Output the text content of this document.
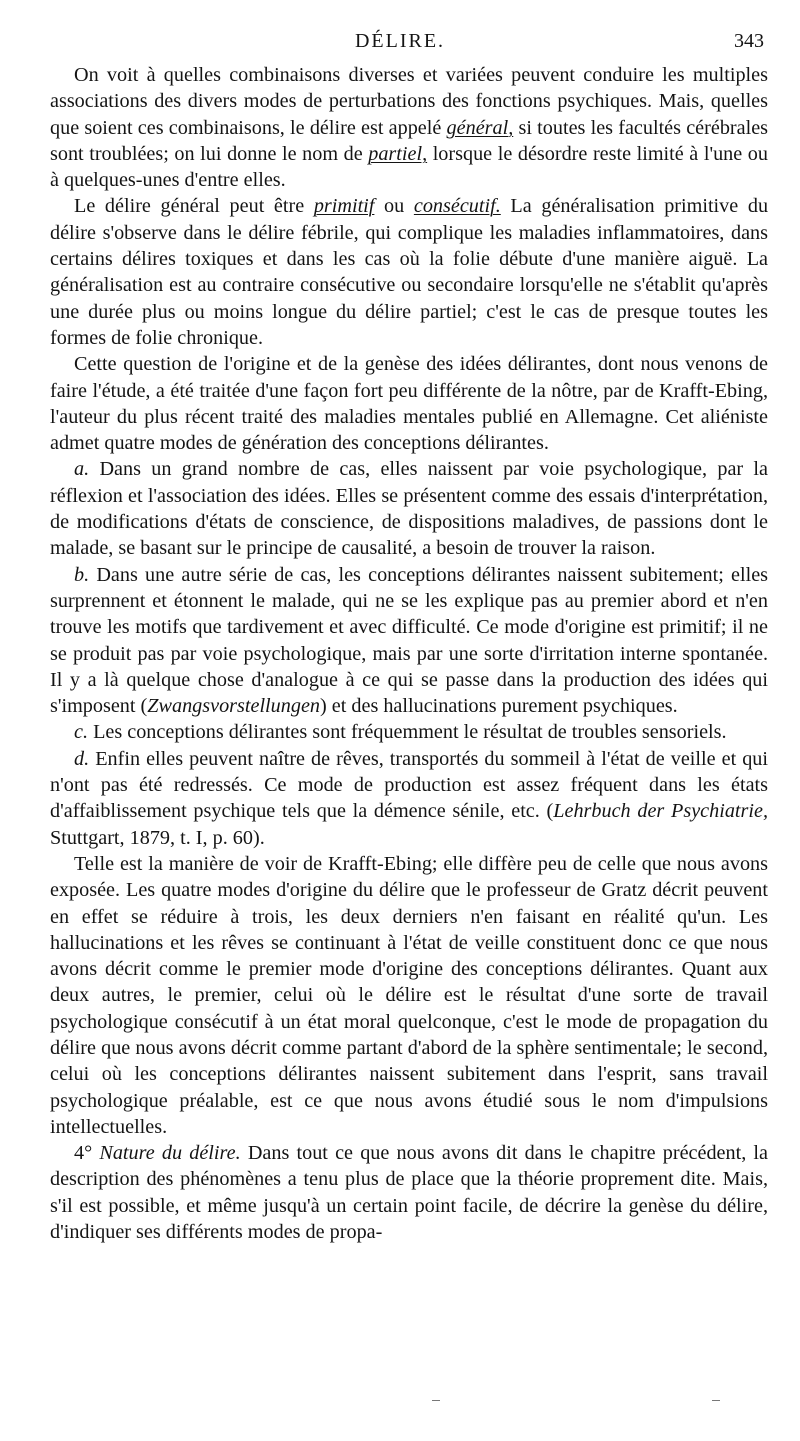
DÉLIRE.	343

On voit à quelles combinaisons diverses et variées peuvent conduire les multiples associations des divers modes de perturbations des fonctions psychiques. Mais, quelles que soient ces combinaisons, le délire est appelé général, si toutes les facultés cérébrales sont troublées; on lui donne le nom de partiel, lorsque le désordre reste limité à l'une ou à quelques-unes d'entre elles.

Le délire général peut être primitif ou consécutif. La généralisation primitive du délire s'observe dans le délire fébrile, qui complique les maladies inflammatoires, dans certains délires toxiques et dans les cas où la folie débute d'une manière aiguë. La généralisation est au contraire consécutive ou secondaire lorsqu'elle ne s'établit qu'après une durée plus ou moins longue du délire partiel; c'est le cas de presque toutes les formes de folie chronique.

Cette question de l'origine et de la genèse des idées délirantes, dont nous venons de faire l'étude, a été traitée d'une façon fort peu différente de la nôtre, par de Krafft-Ebing, l'auteur du plus récent traité des maladies mentales publié en Allemagne. Cet aliéniste admet quatre modes de génération des conceptions délirantes.

a. Dans un grand nombre de cas, elles naissent par voie psychologique, par la réflexion et l'association des idées. Elles se présentent comme des essais d'interprétation, de modifications d'états de conscience, de dispositions maladives, de passions dont le malade, se basant sur le principe de causalité, a besoin de trouver la raison.

b. Dans une autre série de cas, les conceptions délirantes naissent subitement; elles surprennent et étonnent le malade, qui ne se les explique pas au premier abord et n'en trouve les motifs que tardivement et avec difficulté. Ce mode d'origine est primitif; il ne se produit pas par voie psychologique, mais par une sorte d'irritation interne spontanée. Il y a là quelque chose d'analogue à ce qui se passe dans la production des idées qui s'imposent (Zwangsvorstellungen) et des hallucinations purement psychiques.

c. Les conceptions délirantes sont fréquemment le résultat de troubles sensoriels.

d. Enfin elles peuvent naître de rêves, transportés du sommeil à l'état de veille et qui n'ont pas été redressés. Ce mode de production est assez fréquent dans les états d'affaiblissement psychique tels que la démence sénile, etc. (Lehrbuch der Psychiatrie, Stuttgart, 1879, t. I, p. 60).

Telle est la manière de voir de Krafft-Ebing; elle diffère peu de celle que nous avons exposée. Les quatre modes d'origine du délire que le professeur de Gratz décrit peuvent en effet se réduire à trois, les deux derniers n'en faisant en réalité qu'un. Les hallucinations et les rêves se continuant à l'état de veille constituent donc ce que nous avons décrit comme le premier mode d'origine des conceptions délirantes. Quant aux deux autres, le premier, celui où le délire est le résultat d'une sorte de travail psychologique consécutif à un état moral quelconque, c'est le mode de propagation du délire que nous avons décrit comme partant d'abord de la sphère sentimentale; le second, celui où les conceptions délirantes naissent subitement dans l'esprit, sans travail psychologique préalable, est ce que nous avons étudié sous le nom d'impulsions intellectuelles.

4° Nature du délire. Dans tout ce que nous avons dit dans le chapitre précédent, la description des phénomènes a tenu plus de place que la théorie proprement dite. Mais, s'il est possible, et même jusqu'à un certain point facile, de décrire la genèse du délire, d'indiquer ses différents modes de propa-
